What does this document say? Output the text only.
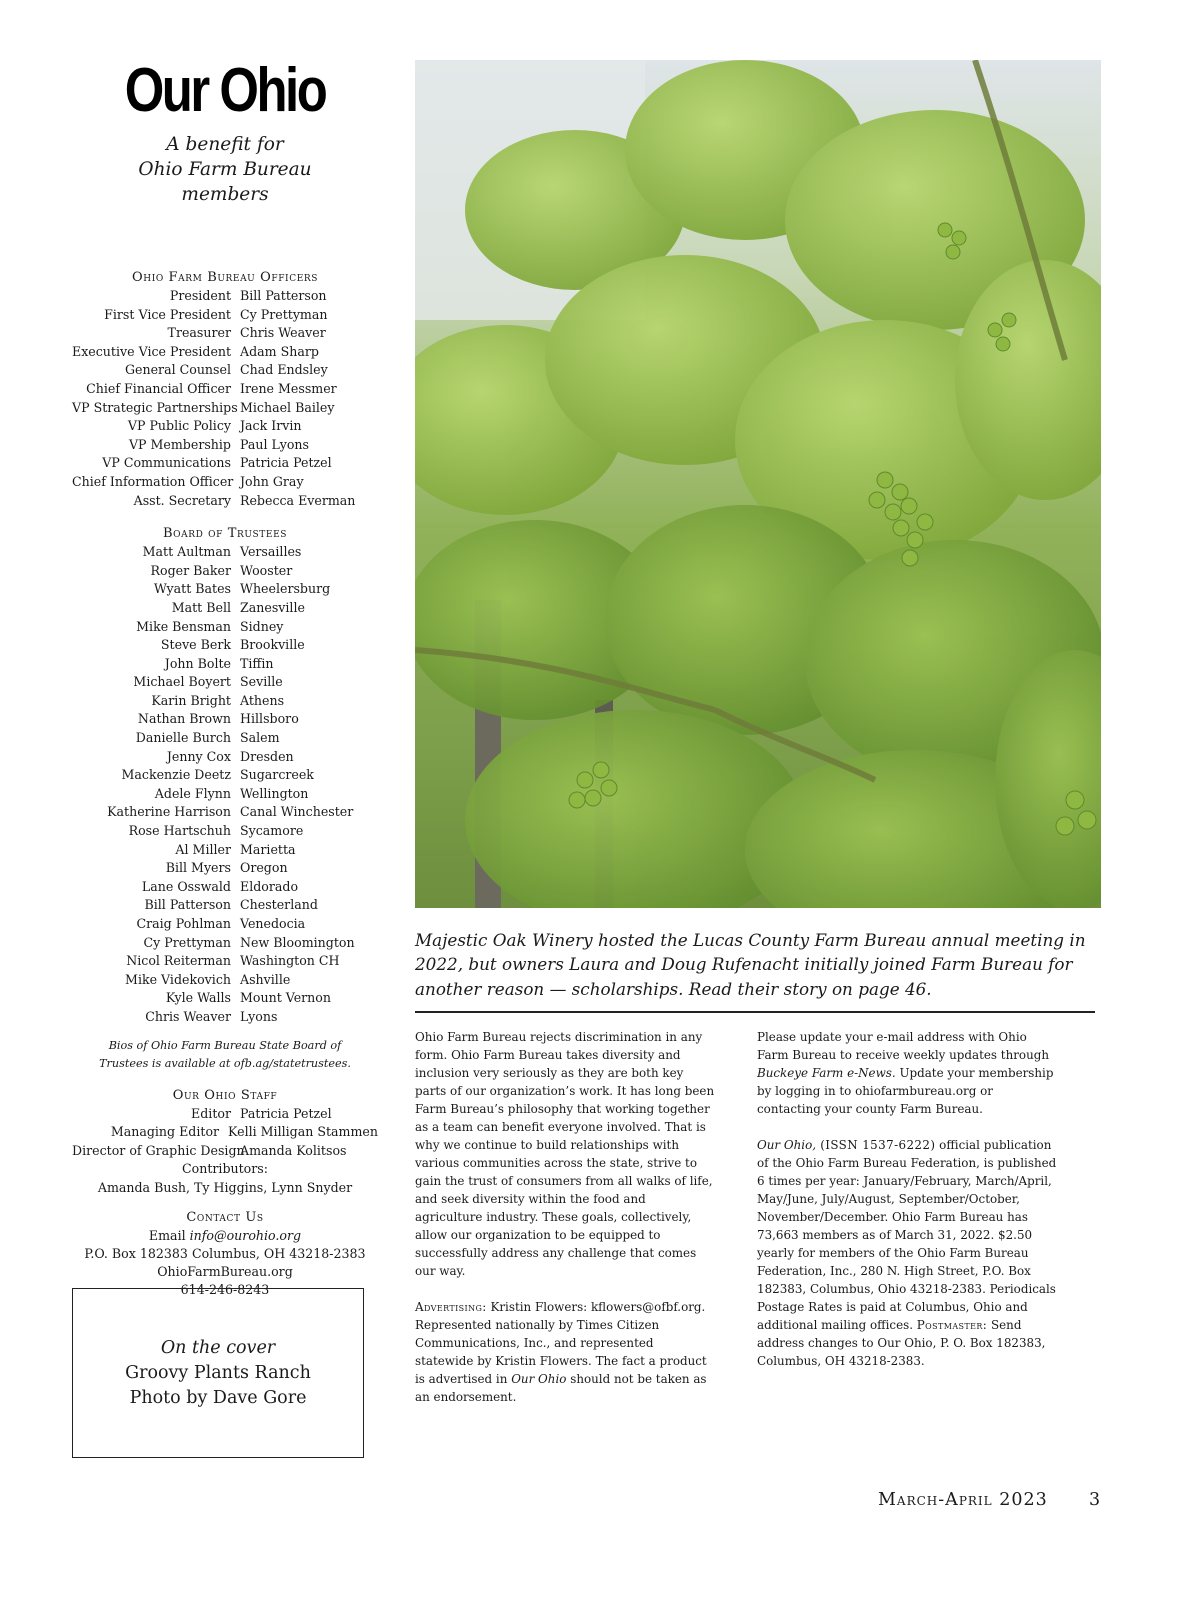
Our Ohio
A benefit for
Ohio Farm Bureau
members
Ohio Farm Bureau Officers
President Bill Patterson
First Vice President Cy Prettyman
Treasurer Chris Weaver
Executive Vice President Adam Sharp
General Counsel Chad Endsley
Chief Financial Officer Irene Messmer
VP Strategic Partnerships Michael Bailey
VP Public Policy Jack Irvin
VP Membership Paul Lyons
VP Communications Patricia Petzel
Chief Information Officer John Gray
Asst. Secretary Rebecca Everman
Board of Trustees
Matt Aultman Versailles
Roger Baker Wooster
Wyatt Bates Wheelersburg
Matt Bell Zanesville
Mike Bensman Sidney
Steve Berk Brookville
John Bolte Tiffin
Michael Boyert Seville
Karin Bright Athens
Nathan Brown Hillsboro
Danielle Burch Salem
Jenny Cox Dresden
Mackenzie Deetz Sugarcreek
Adele Flynn Wellington
Katherine Harrison Canal Winchester
Rose Hartschuh Sycamore
Al Miller Marietta
Bill Myers Oregon
Lane Osswald Eldorado
Bill Patterson Chesterland
Craig Pohlman Venedocia
Cy Prettyman New Bloomington
Nicol Reiterman Washington CH
Mike Videkovich Ashville
Kyle Walls Mount Vernon
Chris Weaver Lyons
Bios of Ohio Farm Bureau State Board of
Trustees is available at ofb.ag/statetrustees.
Our Ohio Staff
Editor Patricia Petzel
Managing Editor Kelli Milligan Stammen
Director of Graphic Design
Amanda Kolitsos
Contributors:
Amanda Bush, Ty Higgins, Lynn Snyder
Contact Us
Email info@ourohio.org
P.O. Box 182383 Columbus, OH 43218-2383
OhioFarmBureau.org
614-246-8243
On the cover
Groovy Plants Ranch
Photo by Dave Gore

Majestic Oak Winery hosted the Lucas County Farm Bureau annual meeting in 2022, but owners Laura and Doug Rufenacht initially joined Farm Bureau for another reason — scholarships. Read their story on page 46.

Ohio Farm Bureau rejects discrimination in any form. Ohio Farm Bureau takes diversity and inclusion very seriously as they are both key parts of our organization’s work. It has long been Farm Bureau’s philosophy that working together as a team can benefit everyone involved. That is why we continue to build relationships with various communities across the state, strive to gain the trust of consumers from all walks of life, and seek diversity within the food and agriculture industry. These goals, collectively, allow our organization to be equipped to successfully address any challenge that comes our way.

Advertising: Kristin Flowers: kflowers@ofbf.org. Represented nationally by Times Citizen Communications, Inc., and represented statewide by Kristin Flowers. The fact a product is advertised in Our Ohio should not be taken as an endorsement.

Please update your e-mail address with Ohio Farm Bureau to receive weekly updates through Buckeye Farm e-News. Update your membership by logging in to ohiofarmbureau.org or contacting your county Farm Bureau.

Our Ohio, (ISSN 1537-6222) official publication of the Ohio Farm Bureau Federation, is published 6 times per year: January/February, March/April, May/June, July/August, September/October, November/December. Ohio Farm Bureau has 73,663 members as of March 31, 2022. $2.50 yearly for members of the Ohio Farm Bureau Federation, Inc., 280 N. High Street, P.O. Box 182383, Columbus, Ohio 43218-2383. Periodicals Postage Rates is paid at Columbus, Ohio and additional mailing offices. Postmaster: Send address changes to Our Ohio, P. O. Box 182383, Columbus, OH 43218-2383.

March-April 2023 3
